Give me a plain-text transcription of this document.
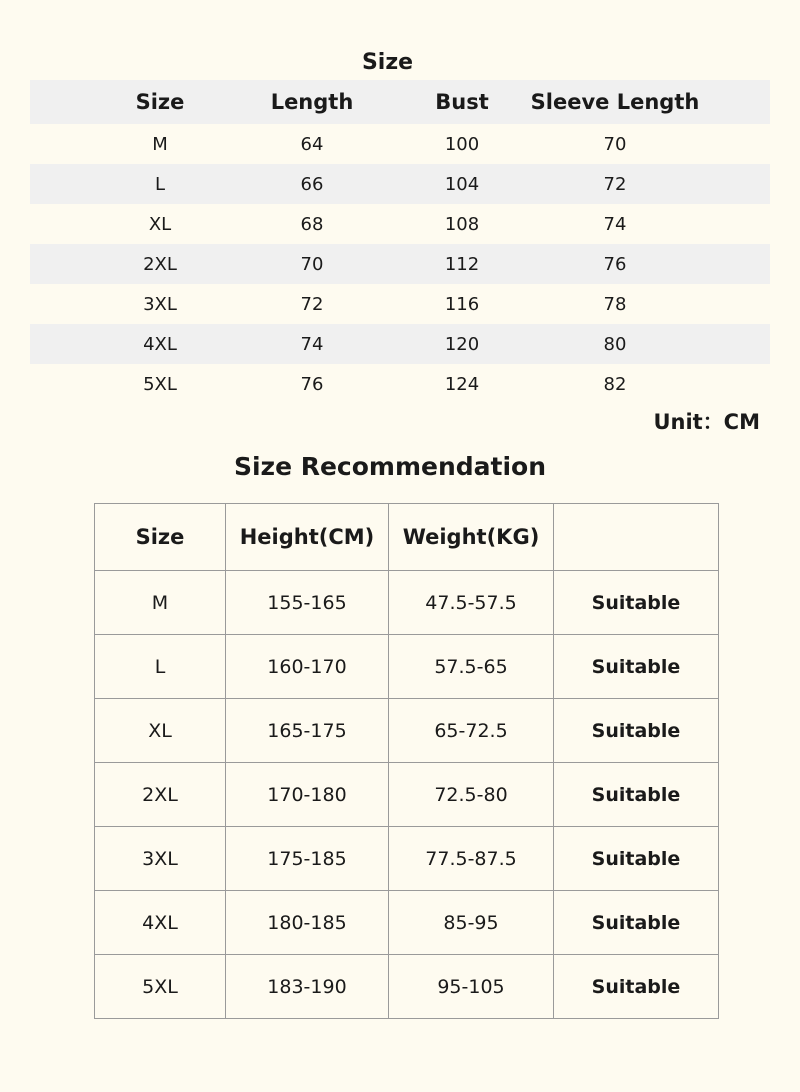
Size
Size	Length	Bust	Sleeve Length
M	64	100	70
L	66	104	72
XL	68	108	74
2XL	70	112	76
3XL	72	116	78
4XL	74	120	80
5XL	76	124	82
Unit：CM
Size Recommendation
Size	Height(CM)	Weight(KG)	
M	155-165	47.5-57.5	Suitable
L	160-170	57.5-65	Suitable
XL	165-175	65-72.5	Suitable
2XL	170-180	72.5-80	Suitable
3XL	175-185	77.5-87.5	Suitable
4XL	180-185	85-95	Suitable
5XL	183-190	95-105	Suitable
